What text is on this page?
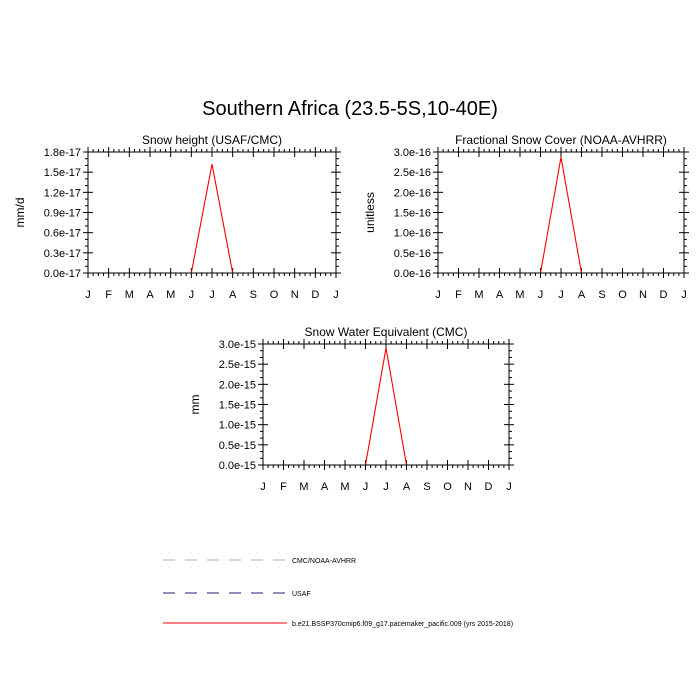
Southern Africa (23.5-5S,10-40E)
Snow height (USAF/CMC)
mm/d
0.0e-17
0.3e-17
0.6e-17
0.9e-17
1.2e-17
1.5e-17
1.8e-17
J F M A M J J A S O N D J
Fractional Snow Cover (NOAA-AVHRR)
unitless
0.0e-16
0.5e-16
1.0e-16
1.5e-16
2.0e-16
2.5e-16
3.0e-16
J F M A M J J A S O N D J
Snow Water Equivalent (CMC)
mm
0.0e-15
0.5e-15
1.0e-15
1.5e-15
2.0e-15
2.5e-15
3.0e-15
J F M A M J J A S O N D J
CMC/NOAA-AVHRR
USAF
b.e21.BSSP370cmip6.f09_g17.pacemaker_pacific.009 (yrs 2015-2018)
